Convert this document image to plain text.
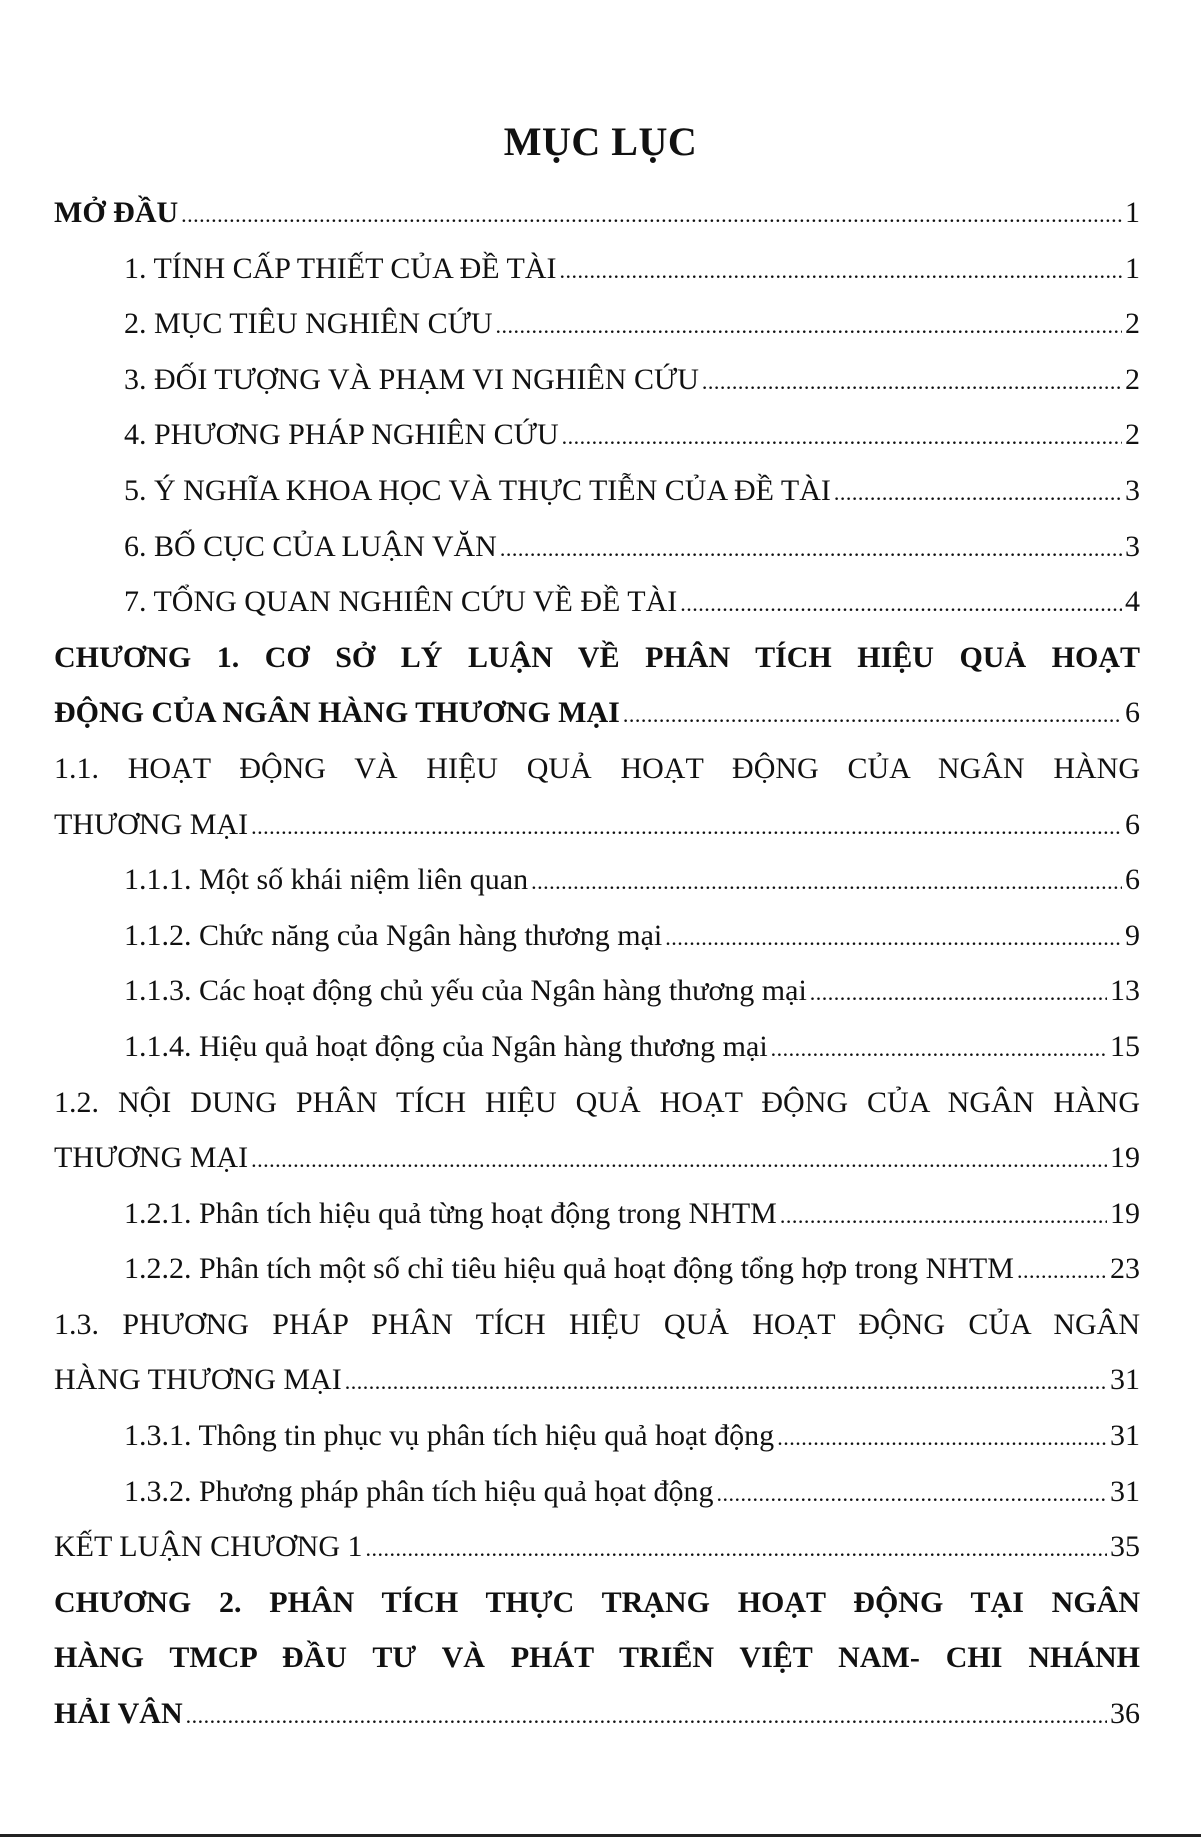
MỤC LỤC
MỞ ĐẦU .....	1
1. TÍNH CẤP THIẾT CỦA ĐỀ TÀI .....	1
2. MỤC TIÊU NGHIÊN CỨU .....	2
3. ĐỐI TƯỢNG VÀ PHẠM VI NGHIÊN CỨU .....	2
4. PHƯƠNG PHÁP NGHIÊN CỨU .....	2
5. Ý NGHĨA KHOA HỌC VÀ THỰC TIỄN CỦA ĐỀ TÀI .....	3
6. BỐ CỤC CỦA LUẬN VĂN .....	3
7. TỔNG QUAN NGHIÊN CỨU VỀ ĐỀ TÀI .....	4
CHƯƠNG 1. CƠ SỞ LÝ LUẬN VỀ PHÂN TÍCH HIỆU QUẢ HOẠT
ĐỘNG CỦA NGÂN HÀNG THƯƠNG MẠI .....	6
1.1. HOẠT ĐỘNG VÀ HIỆU QUẢ HOẠT ĐỘNG CỦA NGÂN HÀNG
THƯƠNG MẠI .....	6
1.1.1. Một số khái niệm liên quan .....	6
1.1.2. Chức năng của Ngân hàng thương mại .....	9
1.1.3. Các hoạt động chủ yếu của Ngân hàng thương mại .....	13
1.1.4. Hiệu quả hoạt động của Ngân hàng thương mại .....	15
1.2. NỘI DUNG PHÂN TÍCH HIỆU QUẢ HOẠT ĐỘNG CỦA NGÂN HÀNG
THƯƠNG MẠI .....	19
1.2.1. Phân tích hiệu quả từng hoạt động trong NHTM .....	19
1.2.2. Phân tích một số chỉ tiêu hiệu quả hoạt động tổng hợp trong NHTM .....	23
1.3. PHƯƠNG PHÁP PHÂN TÍCH HIỆU QUẢ HOẠT ĐỘNG CỦA NGÂN
HÀNG THƯƠNG MẠI .....	31
1.3.1. Thông tin phục vụ phân tích hiệu quả hoạt động .....	31
1.3.2. Phương pháp phân tích hiệu quả họat động .....	31
KẾT LUẬN CHƯƠNG 1 .....	35
CHƯƠNG 2. PHÂN TÍCH THỰC TRẠNG HOẠT ĐỘNG TẠI NGÂN
HÀNG TMCP ĐẦU TƯ VÀ PHÁT TRIỂN VIỆT NAM- CHI NHÁNH
HẢI VÂN .....	36
